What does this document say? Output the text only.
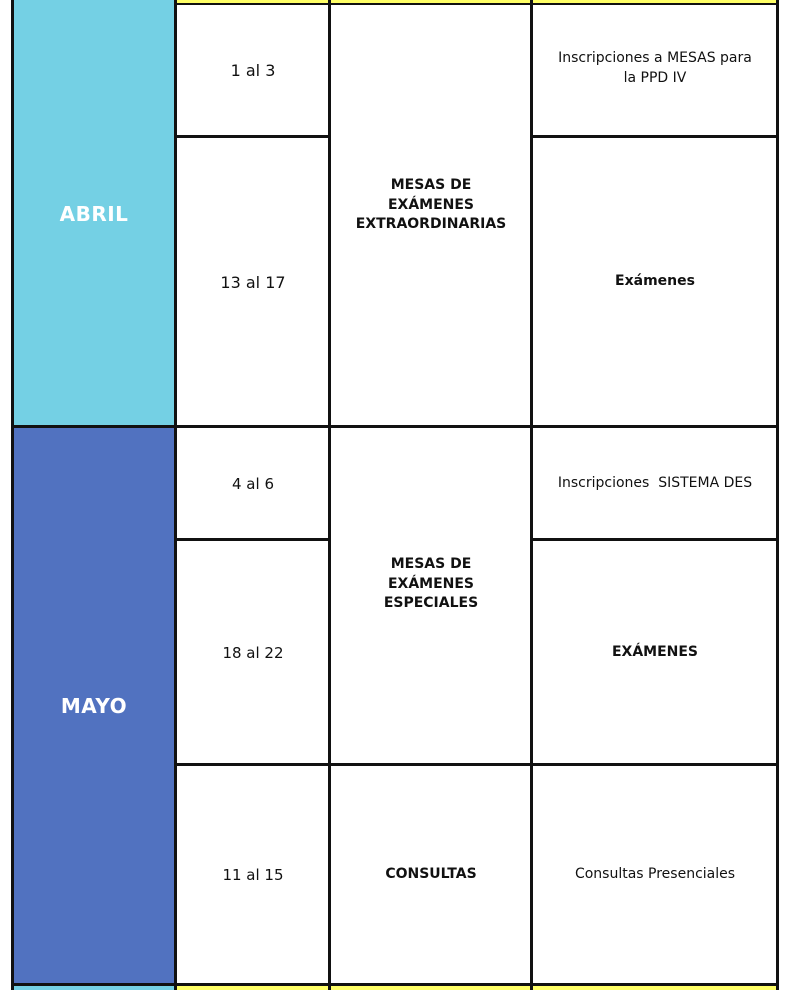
ABRIL
1 al 3
13 al 17
MESAS DE EXÁMENES EXTRAORDINARIAS
Inscripciones a MESAS para la PPD IV
Exámenes
MAYO
4 al 6
18 al 22
11 al 15
MESAS DE EXÁMENES ESPECIALES
CONSULTAS
Inscripciones  SISTEMA DES
EXÁMENES
Consultas Presenciales
